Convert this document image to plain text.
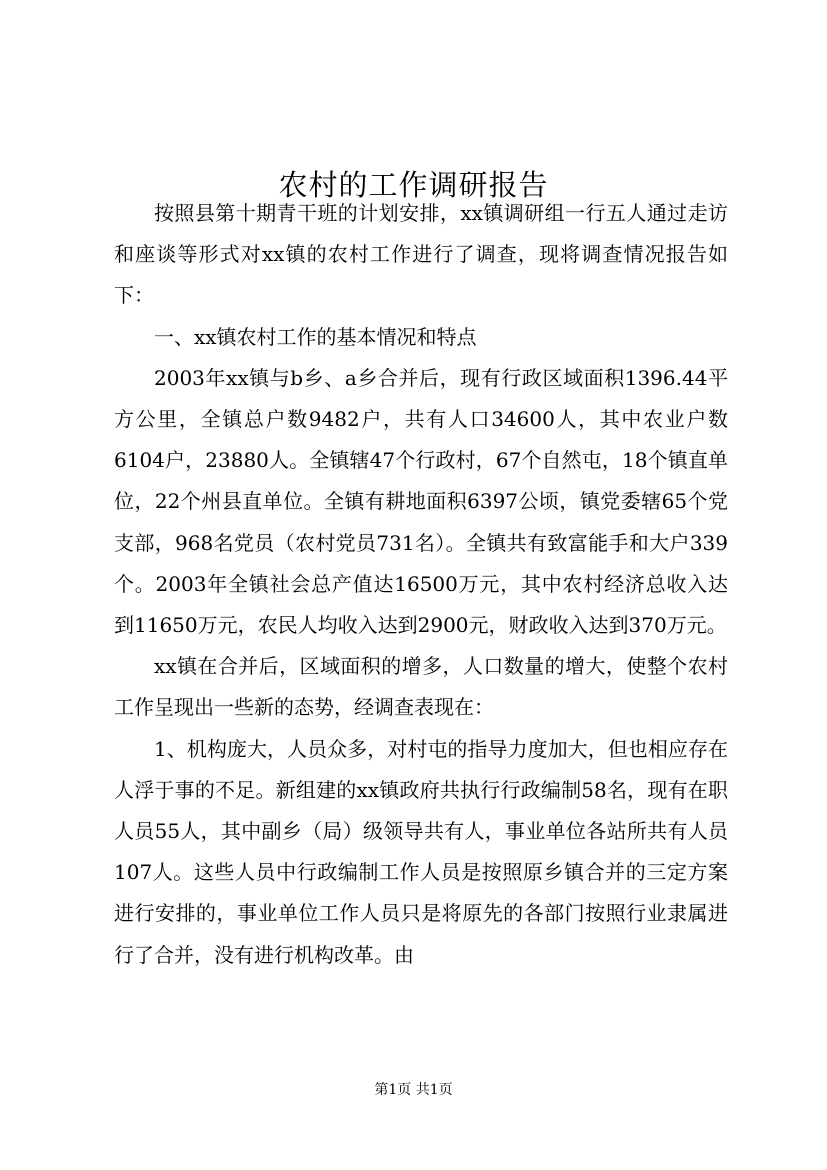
农村的工作调研报告

按照县第十期青干班的计划安排，xx镇调研组一行五人通过走访和座谈等形式对xx镇的农村工作进行了调查，现将调查情况报告如下：

一、xx镇农村工作的基本情况和特点

2003年xx镇与b乡、a乡合并后，现有行政区域面积1396.44平方公里，全镇总户数9482户，共有人口34600人，其中农业户数6104户，23880人。全镇辖47个行政村，67个自然屯，18个镇直单位，22个州县直单位。全镇有耕地面积6397公顷，镇党委辖65个党支部，968名党员（农村党员731名）。全镇共有致富能手和大户339个。2003年全镇社会总产值达16500万元，其中农村经济总收入达到11650万元，农民人均收入达到2900元，财政收入达到370万元。

xx镇在合并后，区域面积的增多，人口数量的增大，使整个农村工作呈现出一些新的态势，经调查表现在：

1、机构庞大，人员众多，对村屯的指导力度加大，但也相应存在人浮于事的不足。新组建的xx镇政府共执行行政编制58名，现有在职人员55人，其中副乡（局）级领导共有人，事业单位各站所共有人员107人。这些人员中行政编制工作人员是按照原乡镇合并的三定方案进行安排的，事业单位工作人员只是将原先的各部门按照行业隶属进行了合并，没有进行机构改革。由

第1页 共1页
